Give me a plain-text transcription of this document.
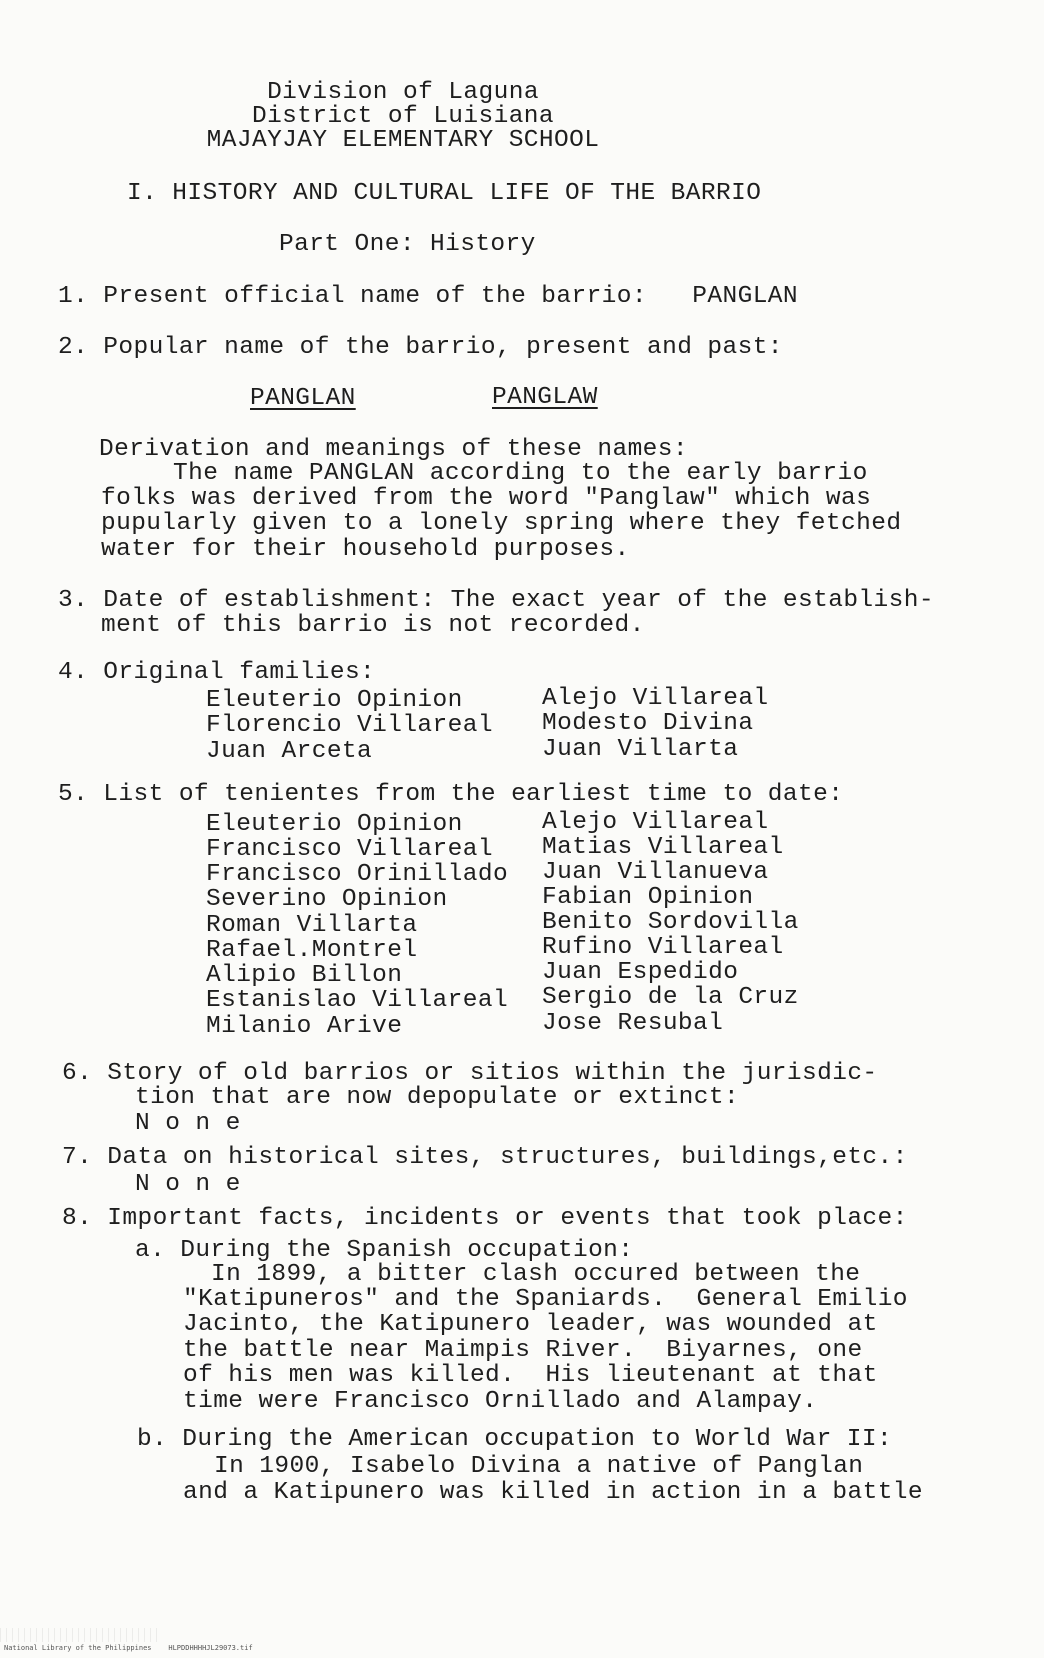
Division of Laguna
District of Luisiana
MAJAYJAY ELEMENTARY SCHOOL
I. HISTORY AND CULTURAL LIFE OF THE BARRIO
Part One: History
1. Present official name of the barrio:   PANGLAN
2. Popular name of the barrio, present and past:
PANGLAN	PANGLAW
Derivation and meanings of these names:
The name PANGLAN according to the early barrio
folks was derived from the word "Panglaw" which was
pupularly given to a lonely spring where they fetched
water for their household purposes.
3. Date of establishment: The exact year of the establish-
ment of this barrio is not recorded.
4. Original families:
Eleuterio Opinion
Florencio Villareal
Juan Arceta
Alejo Villareal
Modesto Divina
Juan Villarta
5. List of tenientes from the earliest time to date:
Eleuterio Opinion
Francisco Villareal
Francisco Orinillado
Severino Opinion
Roman Villarta
Rafael.Montrel
Alipio Billon
Estanislao Villareal
Milanio Arive
Alejo Villareal
Matias Villareal
Juan Villanueva
Fabian Opinion
Benito Sordovilla
Rufino Villareal
Juan Espedido
Sergio de la Cruz
Jose Resubal
6. Story of old barrios or sitios within the jurisdic-
tion that are now depopulate or extinct:
N o n e
7. Data on historical sites, structures, buildings,etc.:
N o n e
8. Important facts, incidents or events that took place:
a. During the Spanish occupation:
In 1899, a bitter clash occured between the
"Katipuneros" and the Spaniards.  General Emilio
Jacinto, the Katipunero leader, was wounded at
the battle near Maimpis River.  Biyarnes, one
of his men was killed.  His lieutenant at that
time were Francisco Ornillado and Alampay.
b. During the American occupation to World War II:
In 1900, Isabelo Divina a native of Panglan
and a Katipunero was killed in action in a battle
National Library of the Philippines HLPDDHHHHJL29073.tif
